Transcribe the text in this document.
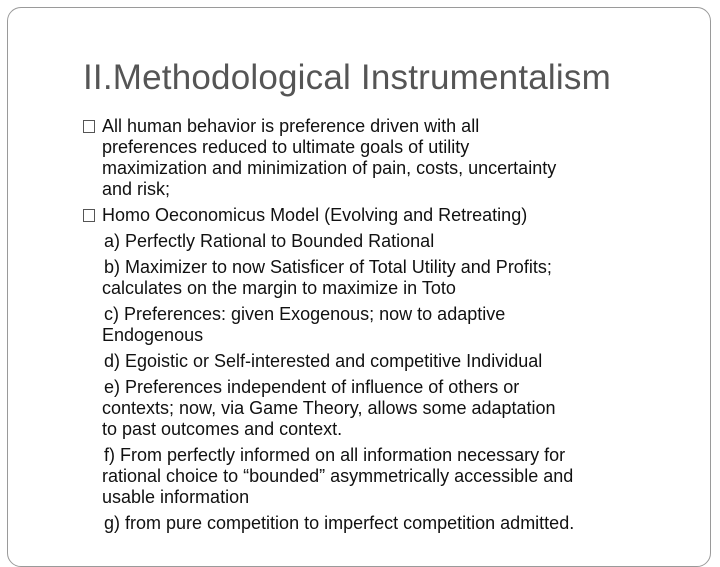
II.Methodological Instrumentalism
All human behavior is preference driven with all
preferences reduced to ultimate goals of utility
maximization and minimization of pain, costs, uncertainty
and risk;
Homo Oeconomicus Model (Evolving and Retreating)
a) Perfectly Rational to Bounded Rational
b) Maximizer to now Satisficer of Total Utility and Profits;
calculates on the margin to maximize in Toto
c) Preferences: given Exogenous; now to adaptive
Endogenous
d) Egoistic or Self-interested and competitive Individual
e) Preferences independent of influence of others or
contexts; now, via Game Theory, allows some adaptation
to past outcomes and context.
f) From perfectly informed on all information necessary for
rational choice to “bounded” asymmetrically accessible and
usable information
g) from pure competition to imperfect competition admitted.
